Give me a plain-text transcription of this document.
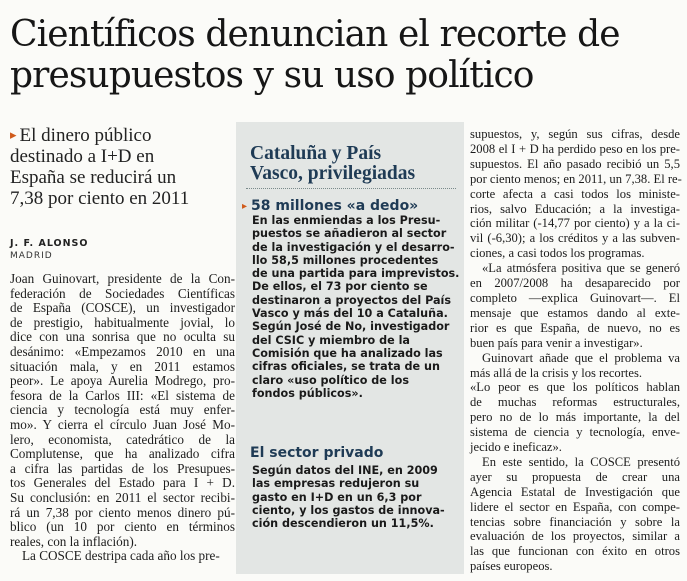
Científicos denuncian el recorte de
presupuestos y su uso político
▸ El dinero público
destinado a I+D en
España se reducirá un
7,38 por ciento en 2011
J. F. ALONSO
MADRID
Joan Guinovart, presidente de la Con-
federación de Sociedades Científicas
de España (COSCE), un investigador
de prestigio, habitualmente jovial, lo
dice con una sonrisa que no oculta su
desánimo: «Empezamos 2010 en una
situación mala, y en 2011 estamos
peor». Le apoya Aurelia Modrego, pro-
fesora de la Carlos III: «El sistema de
ciencia y tecnología está muy enfer-
mo». Y cierra el círculo Juan José Mo-
lero, economista, catedrático de la
Complutense, que ha analizado cifra
a cifra las partidas de los Presupues-
tos Generales del Estado para I + D.
Su conclusión: en 2011 el sector recibi-
rá un 7,38 por ciento menos dinero pú-
blico (un 10 por ciento en términos
reales, con la inflación).
La COSCE destripa cada año los pre-
Cataluña y País
Vasco, privilegiadas
▸ 58 millones «a dedo»
En las enmiendas a los Presu-
puestos se añadieron al sector
de la investigación y el desarro-
llo 58,5 millones procedentes
de una partida para imprevistos.
De ellos, el 73 por ciento se
destinaron a proyectos del País
Vasco y más del 10 a Cataluña.
Según José de No, investigador
del CSIC y miembro de la
Comisión que ha analizado las
cifras oficiales, se trata de un
claro «uso político de los
fondos públicos».
El sector privado
Según datos del INE, en 2009
las empresas redujeron su
gasto en I+D en un 6,3 por
ciento, y los gastos de innova-
ción descendieron un 11,5%.
supuestos, y, según sus cifras, desde
2008 el I + D ha perdido peso en los pre-
supuestos. El año pasado recibió un 5,5
por ciento menos; en 2011, un 7,38. El re-
corte afecta a casi todos los ministe-
rios, salvo Educación; a la investiga-
ción militar (-14,77 por ciento) y a la ci-
vil (-6,30); a los créditos y a las subven-
ciones, a casi todos los programas.
«La atmósfera positiva que se generó
en 2007/2008 ha desaparecido por
completo —explica Guinovart—. El
mensaje que estamos dando al exte-
rior es que España, de nuevo, no es
buen país para venir a investigar».
Guinovart añade que el problema va
más allá de la crisis y los recortes.
«Lo peor es que los políticos hablan
de muchas reformas estructurales,
pero no de lo más importante, la del
sistema de ciencia y tecnología, enve-
jecido e ineficaz».
En este sentido, la COSCE presentó
ayer su propuesta de crear una
Agencia Estatal de Investigación que
lidere el sector en España, con compe-
tencias sobre financiación y sobre la
evaluación de los proyectos, similar a
las que funcionan con éxito en otros
países europeos.
